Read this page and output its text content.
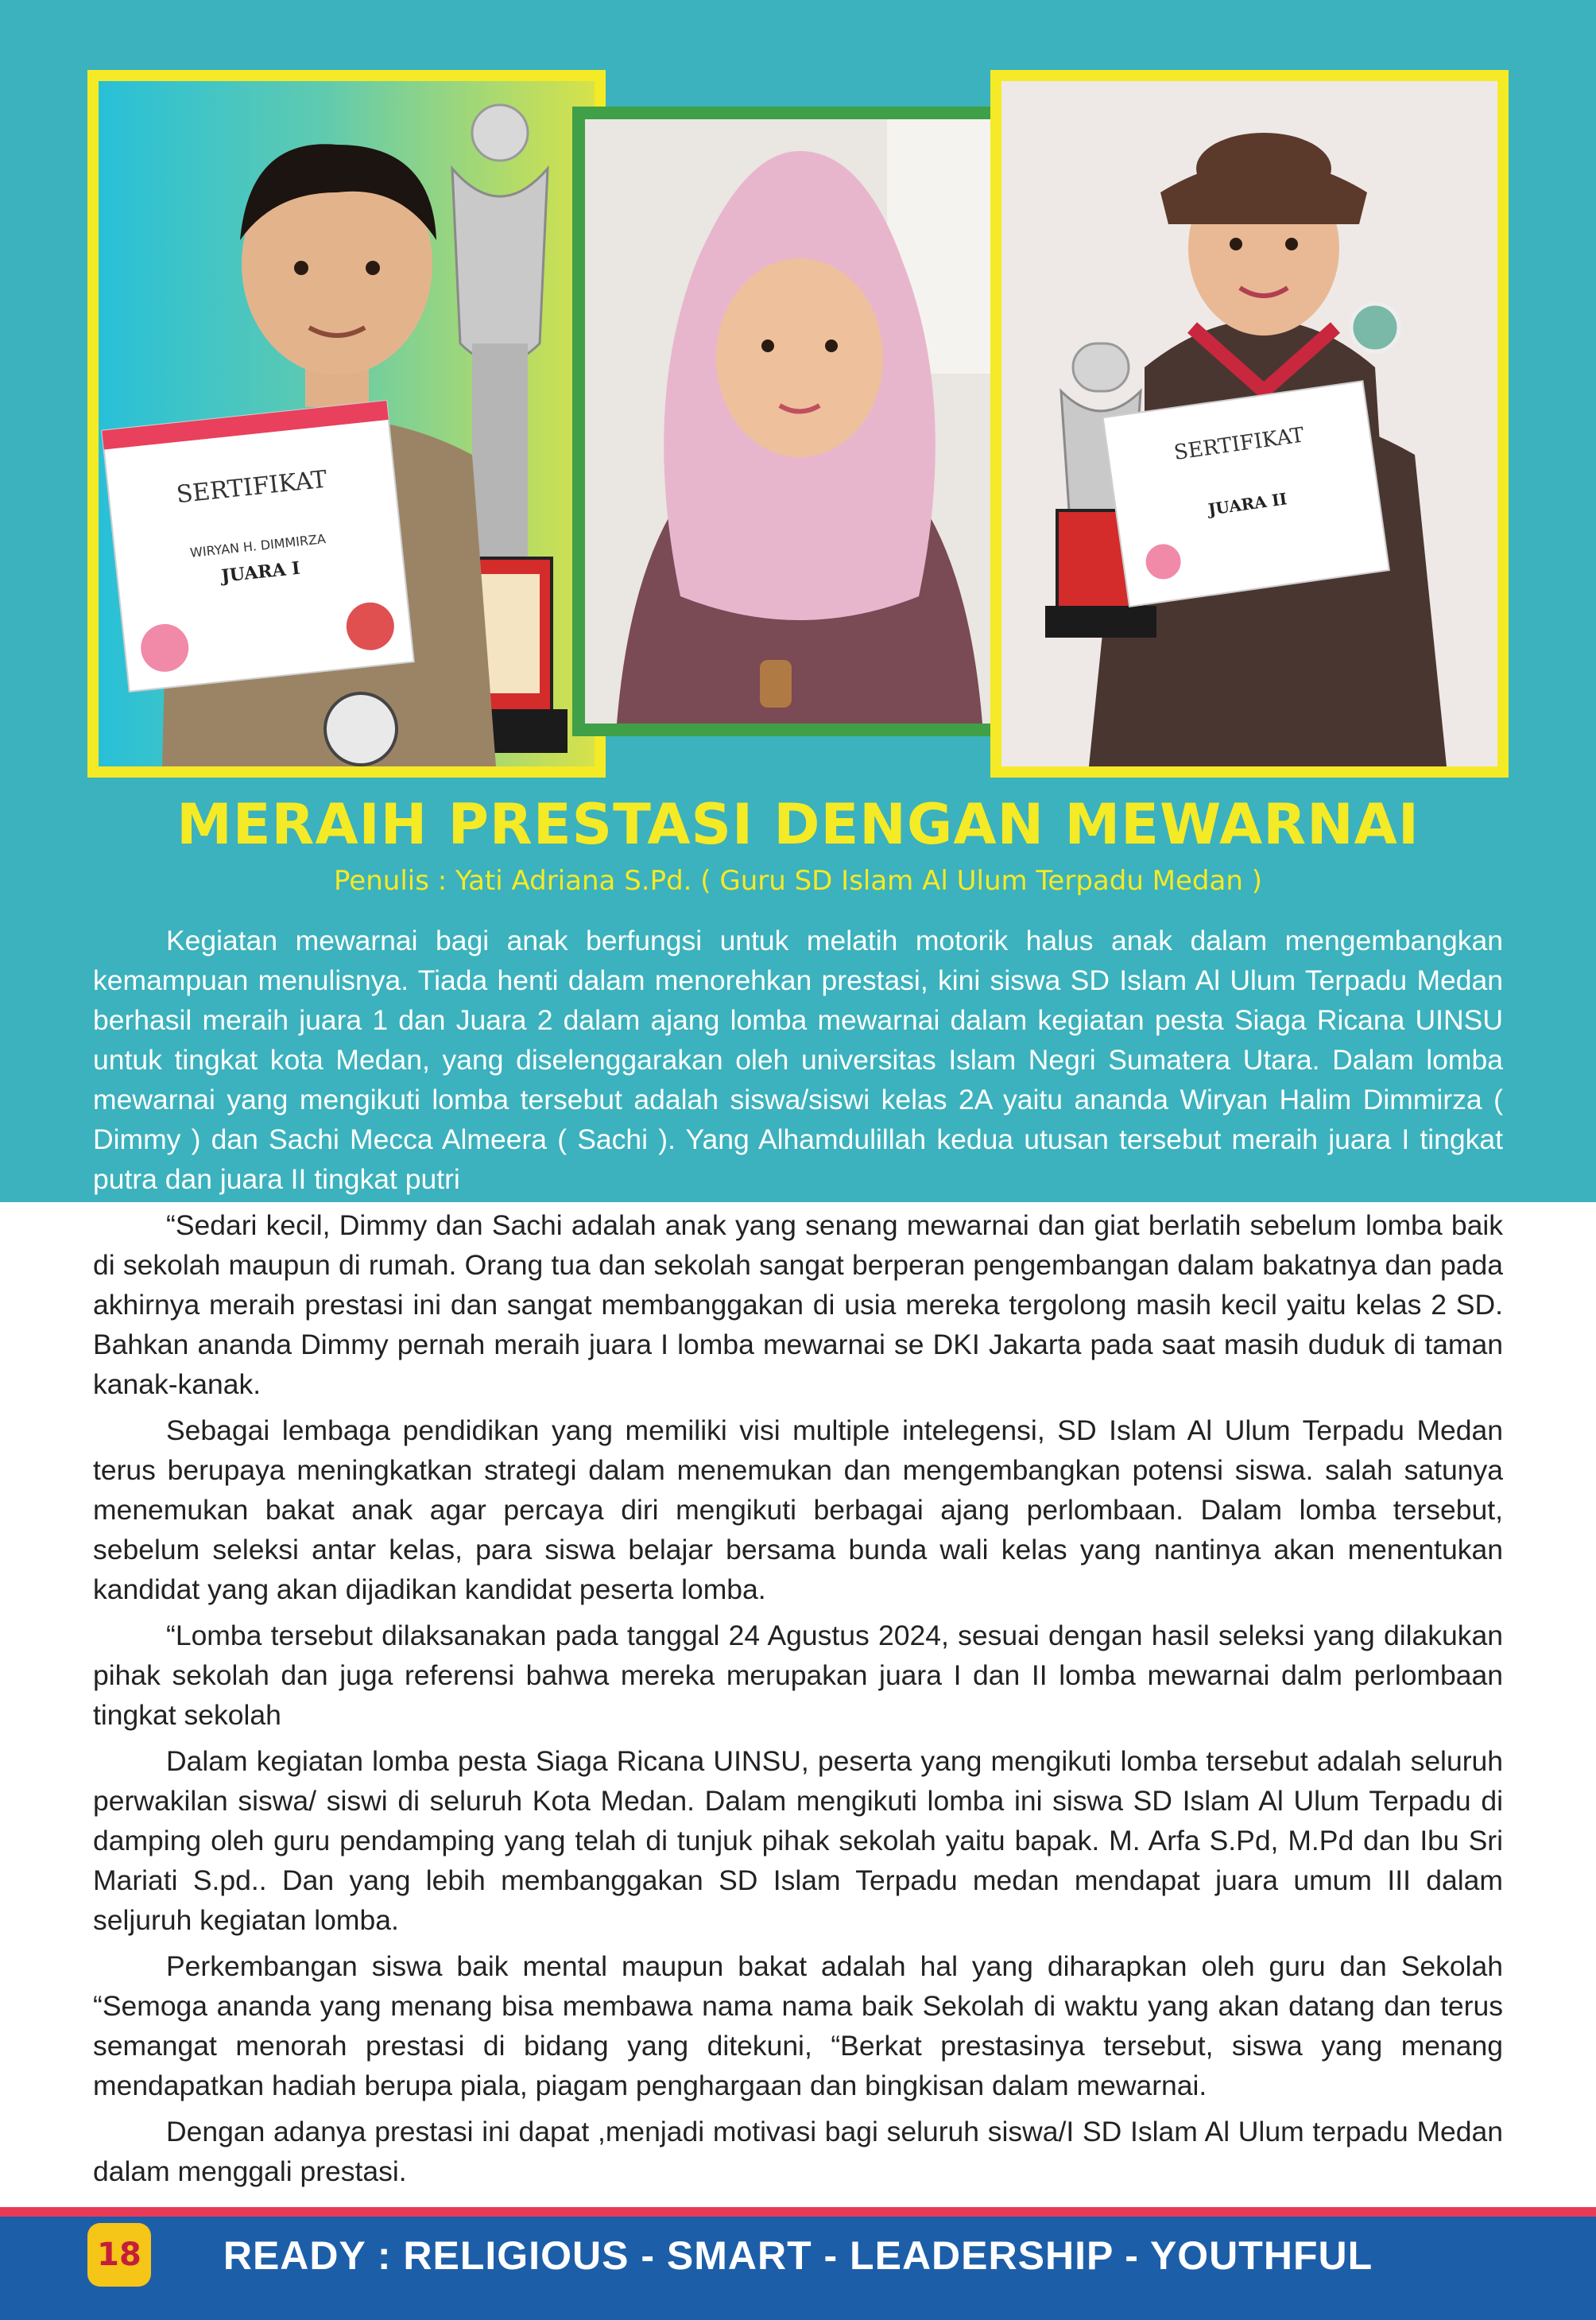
SERTIFIKAT
WIRYAN H. DIMMIRZA
JUARA I
SERTIFIKAT
JUARA II
MERAIH PRESTASI DENGAN MEWARNAI
Penulis : Yati Adriana S.Pd. ( Guru SD Islam Al Ulum Terpadu Medan )

Kegiatan mewarnai bagi anak berfungsi untuk melatih motorik halus anak dalam mengembangkan kemampuan menulisnya. Tiada henti dalam menorehkan prestasi, kini siswa SD Islam Al Ulum Terpadu Medan berhasil meraih juara 1 dan Juara 2 dalam ajang lomba mewarnai dalam kegiatan pesta Siaga Ricana UINSU untuk tingkat kota Medan, yang diselenggarakan oleh universitas Islam Negri Sumatera Utara. Dalam lomba mewarnai yang mengikuti lomba tersebut adalah siswa/siswi kelas 2A yaitu ananda Wiryan Halim Dimmirza ( Dimmy ) dan Sachi Mecca Almeera ( Sachi ). Yang Alhamdulillah kedua utusan tersebut meraih juara I tingkat putra dan juara II tingkat putri

“Sedari kecil, Dimmy dan Sachi adalah anak yang senang mewarnai dan giat berlatih sebelum lomba baik di sekolah maupun di rumah. Orang tua dan sekolah sangat berperan pengembangan dalam bakatnya dan pada akhirnya meraih prestasi ini dan sangat membanggakan di usia mereka tergolong masih kecil yaitu kelas 2 SD. Bahkan ananda Dimmy pernah meraih juara I lomba mewarnai se DKI Jakarta pada saat masih duduk di taman kanak-kanak.

Sebagai lembaga pendidikan yang memiliki visi multiple intelegensi, SD Islam Al Ulum Terpadu Medan terus berupaya meningkatkan strategi dalam menemukan dan mengembangkan potensi siswa. salah satunya menemukan bakat anak agar percaya diri mengikuti berbagai ajang perlombaan. Dalam lomba tersebut, sebelum seleksi antar kelas, para siswa belajar bersama bunda wali kelas yang nantinya akan menentukan kandidat yang akan dijadikan kandidat peserta lomba.

“Lomba tersebut dilaksanakan pada tanggal 24 Agustus 2024, sesuai dengan hasil seleksi yang dilakukan pihak sekolah dan juga referensi bahwa mereka merupakan juara I dan II lomba mewarnai dalm perlombaan tingkat sekolah

Dalam kegiatan lomba pesta Siaga Ricana UINSU, peserta yang mengikuti lomba tersebut adalah seluruh perwakilan siswa/ siswi di seluruh Kota Medan. Dalam mengikuti lomba ini siswa SD Islam Al Ulum Terpadu di damping oleh guru pendamping yang telah di tunjuk pihak sekolah yaitu bapak. M. Arfa S.Pd, M.Pd dan Ibu Sri Mariati S.pd.. Dan yang lebih membanggakan SD Islam Terpadu medan mendapat juara umum III dalam seljuruh kegiatan lomba.

Perkembangan siswa baik mental maupun bakat adalah hal yang diharapkan oleh guru dan Sekolah “Semoga ananda yang menang bisa membawa nama nama baik Sekolah di waktu yang akan datang dan terus semangat menorah prestasi di bidang yang ditekuni, “Berkat prestasinya tersebut, siswa yang menang mendapatkan hadiah berupa piala, piagam penghargaan dan bingkisan dalam mewarnai.

Dengan adanya prestasi ini dapat ,menjadi motivasi bagi seluruh siswa/I SD Islam Al Ulum terpadu Medan dalam menggali prestasi.

18	READY : RELIGIOUS - SMART - LEADERSHIP - YOUTHFUL
